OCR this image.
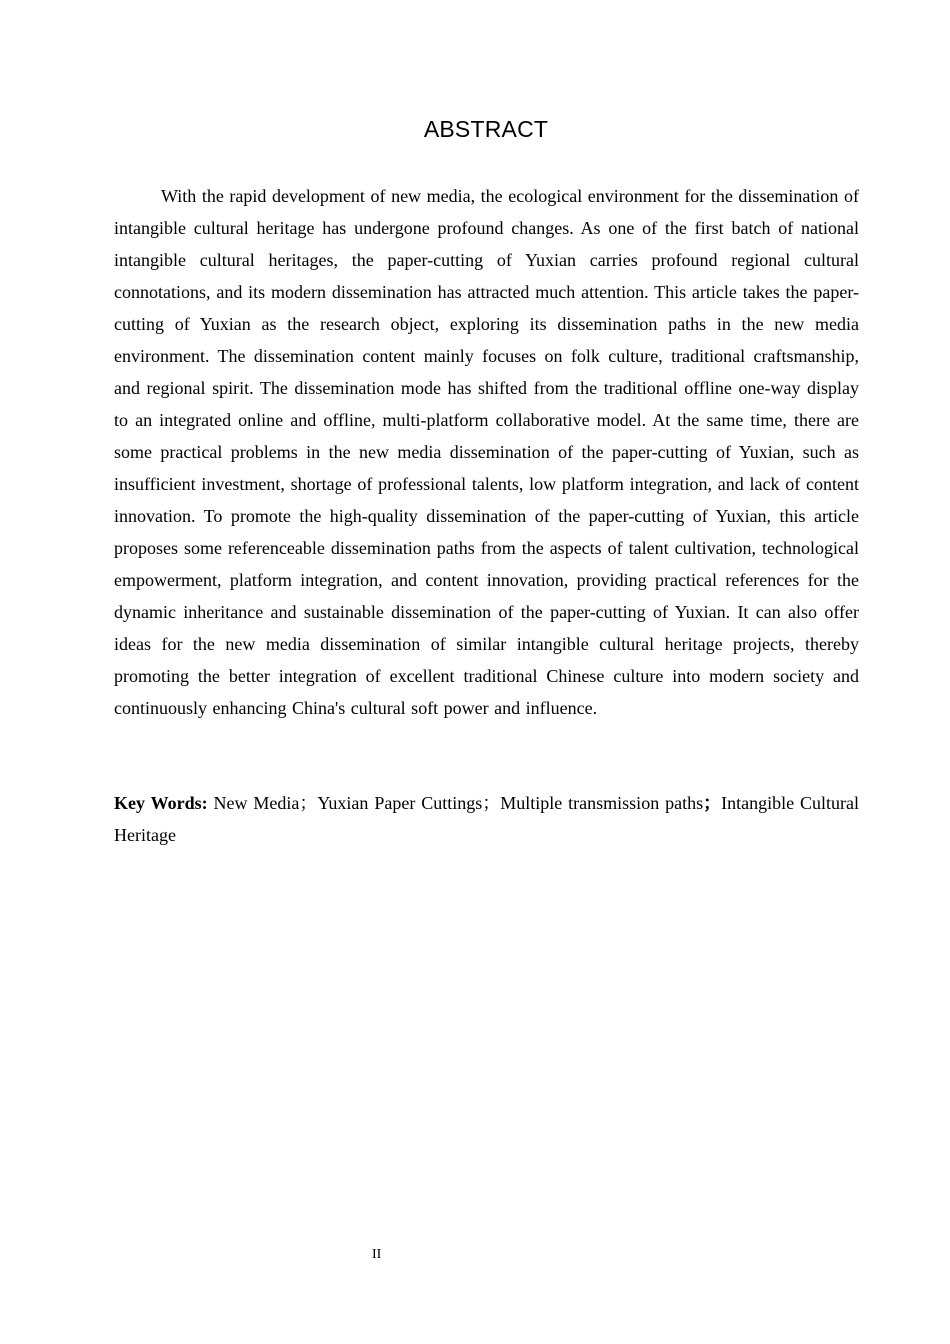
ABSTRACT

With the rapid development of new media, the ecological environment for the dissemination of intangible cultural heritage has undergone profound changes. As one of the first batch of national intangible cultural heritages, the paper-cutting of Yuxian carries profound regional cultural connotations, and its modern dissemination has attracted much attention. This article takes the paper-cutting of Yuxian as the research object, exploring its dissemination paths in the new media environment. The dissemination content mainly focuses on folk culture, traditional craftsmanship, and regional spirit. The dissemination mode has shifted from the traditional offline one-way display to an integrated online and offline, multi-platform collaborative model. At the same time, there are some practical problems in the new media dissemination of the paper-cutting of Yuxian, such as insufficient investment, shortage of professional talents, low platform integration, and lack of content innovation. To promote the high-quality dissemination of the paper-cutting of Yuxian, this article proposes some referenceable dissemination paths from the aspects of talent cultivation, technological empowerment, platform integration, and content innovation, providing practical references for the dynamic inheritance and sustainable dissemination of the paper-cutting of Yuxian. It can also offer ideas for the new media dissemination of similar intangible cultural heritage projects, thereby promoting the better integration of excellent traditional Chinese culture into modern society and continuously enhancing China's cultural soft power and influence.

Key Words: New Media；Yuxian Paper Cuttings；Multiple transmission paths；Intangible Cultural Heritage

II
